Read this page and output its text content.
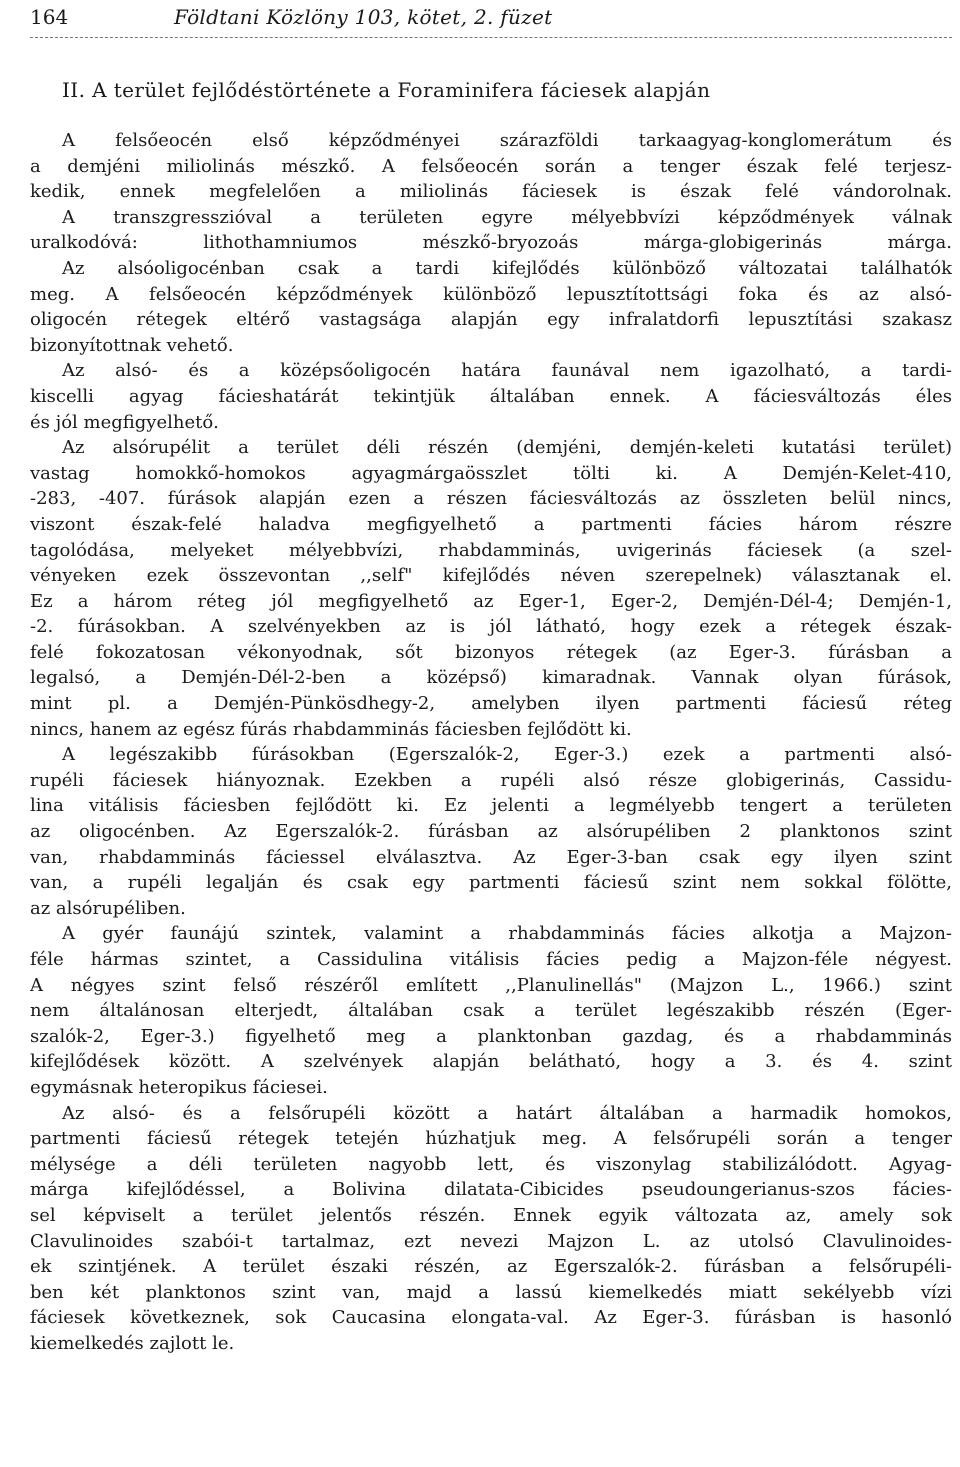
164	Földtani Közlöny 103, kötet, 2. füzet
II. A terület fejlődéstörténete a Foraminifera fáciesek alapján
A felsőeocén első képződményei szárazföldi tarkaagyag-konglomerátum és
a demjéni miliolinás mészkő. A felsőeocén során a tenger észak felé terjesz-
kedik, ennek megfelelően a miliolinás fáciesek is észak felé vándorolnak.
A transzgresszióval a területen egyre mélyebbvízi képződmények válnak
uralkodóvá: lithothamniumos mészkő-bryozoás márga-globigerinás márga.
Az alsóoligocénban csak a tardi kifejlődés különböző változatai találhatók
meg. A felsőeocén képződmények különböző lepusztítottsági foka és az alsó-
oligocén rétegek eltérő vastagsága alapján egy infralatdorfi lepusztítási szakasz
bizonyítottnak vehető.
Az alsó- és a középsőoligocén határa faunával nem igazolható, a tardi-
kiscelli agyag fácieshatárát tekintjük általában ennek. A fáciesváltozás éles
és jól megfigyelhető.
Az alsórupélit a terület déli részén (demjéni, demjén-keleti kutatási terület)
vastag homokkő-homokos agyagmárgaösszlet tölti ki. A Demjén-Kelet-410,
-283, -407. fúrások alapján ezen a részen fáciesváltozás az összleten belül nincs,
viszont észak-felé haladva megfigyelhető a partmenti fácies három részre
tagolódása, melyeket mélyebbvízi, rhabdamminás, uvigerinás fáciesek (a szel-
vényeken ezek összevontan ,,self" kifejlődés néven szerepelnek) választanak el.
Ez a három réteg jól megfigyelhető az Eger-1, Eger-2, Demjén-Dél-4; Demjén-1,
-2. fúrásokban. A szelvényekben az is jól látható, hogy ezek a rétegek észak-
felé fokozatosan vékonyodnak, sőt bizonyos rétegek (az Eger-3. fúrásban a
legalsó, a Demjén-Dél-2-ben a középső) kimaradnak. Vannak olyan fúrások,
mint pl. a Demjén-Pünkösdhegy-2, amelyben ilyen partmenti fáciesű réteg
nincs, hanem az egész fúrás rhabdamminás fáciesben fejlődött ki.
A legészakibb fúrásokban (Egerszalók-2, Eger-3.) ezek a partmenti alsó-
rupéli fáciesek hiányoznak. Ezekben a rupéli alsó része globigerinás, Cassidu-
lina vitálisis fáciesben fejlődött ki. Ez jelenti a legmélyebb tengert a területen
az oligocénben. Az Egerszalók-2. fúrásban az alsórupéliben 2 planktonos szint
van, rhabdamminás fáciessel elválasztva. Az Eger-3-ban csak egy ilyen szint
van, a rupéli legalján és csak egy partmenti fáciesű szint nem sokkal fölötte,
az alsórupéliben.
A gyér faunájú szintek, valamint a rhabdamminás fácies alkotja a Majzon-
féle hármas szintet, a Cassidulina vitálisis fácies pedig a Majzon-féle négyest.
A négyes szint felső részéről említett ,,Planulinellás" (Majzon L., 1966.) szint
nem általánosan elterjedt, általában csak a terület legészakibb részén (Eger-
szalók-2, Eger-3.) figyelhető meg a planktonban gazdag, és a rhabdamminás
kifejlődések között. A szelvények alapján belátható, hogy a 3. és 4. szint
egymásnak heteropikus fáciesei.
Az alsó- és a felsőrupéli között a határt általában a harmadik homokos,
partmenti fáciesű rétegek tetején húzhatjuk meg. A felsőrupéli során a tenger
mélysége a déli területen nagyobb lett, és viszonylag stabilizálódott. Agyag-
márga kifejlődéssel, a Bolivina dilatata-Cibicides pseudoungerianus-szos fácies-
sel képviselt a terület jelentős részén. Ennek egyik változata az, amely sok
Clavulinoides szabói-t tartalmaz, ezt nevezi Majzon L. az utolsó Clavulinoides-
ek szintjének. A terület északi részén, az Egerszalók-2. fúrásban a felsőrupéli-
ben két planktonos szint van, majd a lassú kiemelkedés miatt sekélyebb vízi
fáciesek következnek, sok Caucasina elongata-val. Az Eger-3. fúrásban is hasonló
kiemelkedés zajlott le.
